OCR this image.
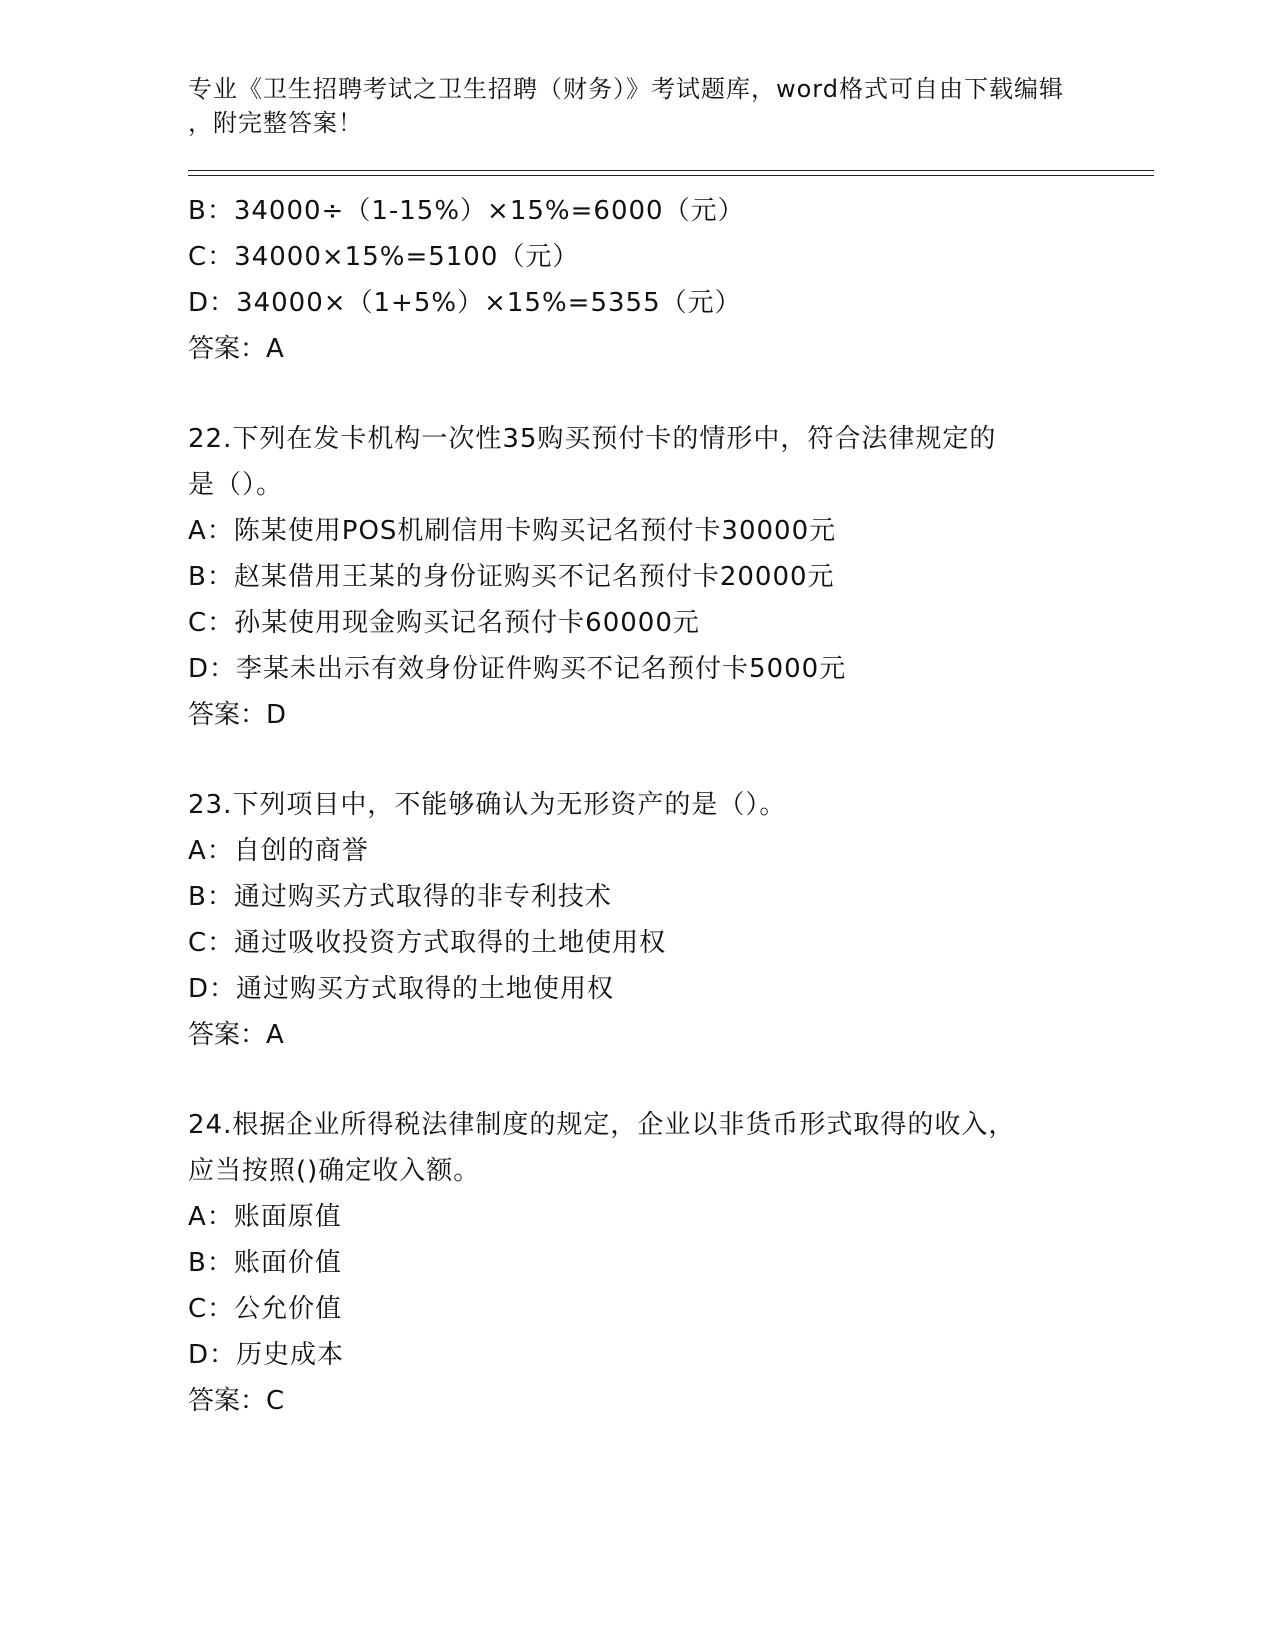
专业《卫生招聘考试之卫生招聘（财务）》考试题库，word格式可自由下载编辑
，附完整答案！
B：34000÷（1-15%）×15%=6000（元）
C：34000×15%=5100（元）
D：34000×（1+5%）×15%=5355（元）
答案：A
22.下列在发卡机构一次性35购买预付卡的情形中，符合法律规定的
是（）。
A：陈某使用POS机刷信用卡购买记名预付卡30000元
B：赵某借用王某的身份证购买不记名预付卡20000元
C：孙某使用现金购买记名预付卡60000元
D：李某未出示有效身份证件购买不记名预付卡5000元
答案：D
23.下列项目中，不能够确认为无形资产的是（）。
A：自创的商誉
B：通过购买方式取得的非专利技术
C：通过吸收投资方式取得的土地使用权
D：通过购买方式取得的土地使用权
答案：A
24.根据企业所得税法律制度的规定，企业以非货币形式取得的收入，
应当按照()确定收入额。
A：账面原值
B：账面价值
C：公允价值
D：历史成本
答案：C
